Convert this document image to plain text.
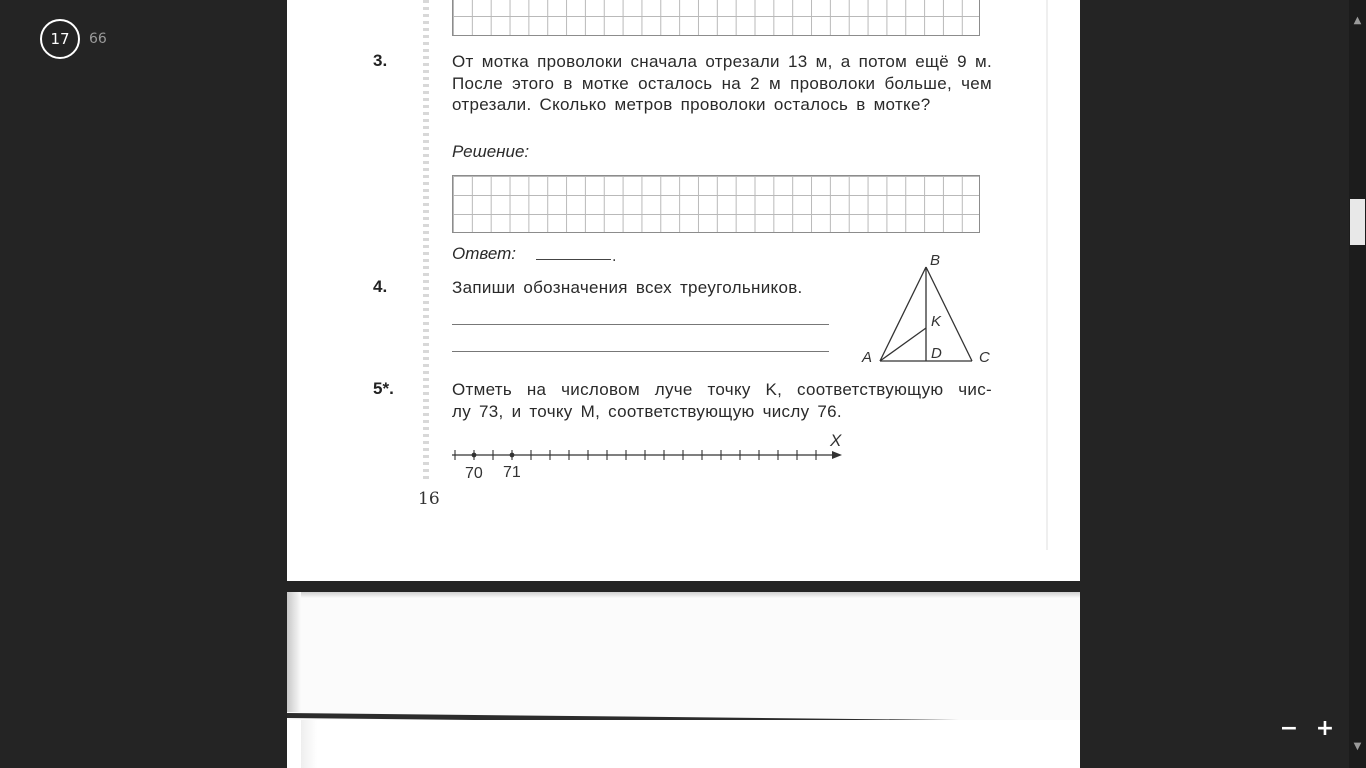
17	66
3.	От мотка проволоки сначала отрезали 13 м, а потом ещё 9 м. После этого в мотке осталось на 2 м проволоки больше, чем отрезали. Сколько метров проволоки осталось в мотке?
Решение:
Ответ:	.
4.	Запиши обозначения всех треугольников.
A
B
C
D
K
5*.	Отметь на числовом луче точку K, соответствующую чис-
лу 73, и точку M, соответствующую числу 76.
X
70 71
16
− +
▲
▼
